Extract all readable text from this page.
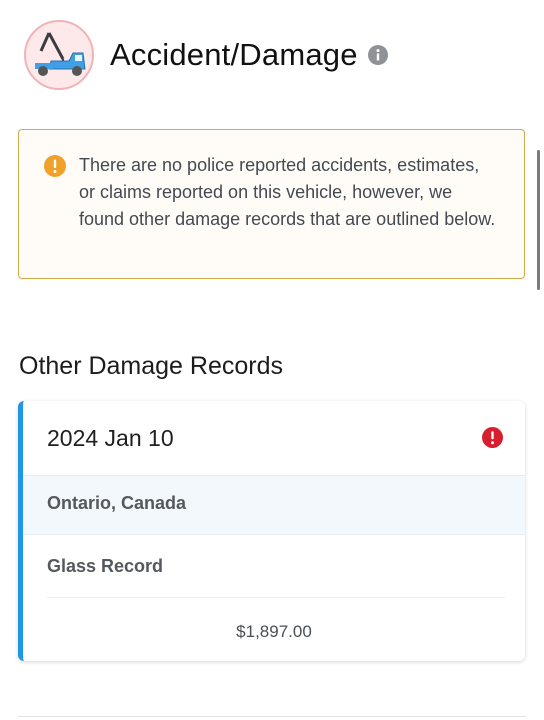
Accident/Damage
There are no police reported accidents, estimates, or claims reported on this vehicle, however, we found other damage records that are outlined below.
Other Damage Records
2024 Jan 10
Ontario, Canada
Glass Record
$1,897.00
